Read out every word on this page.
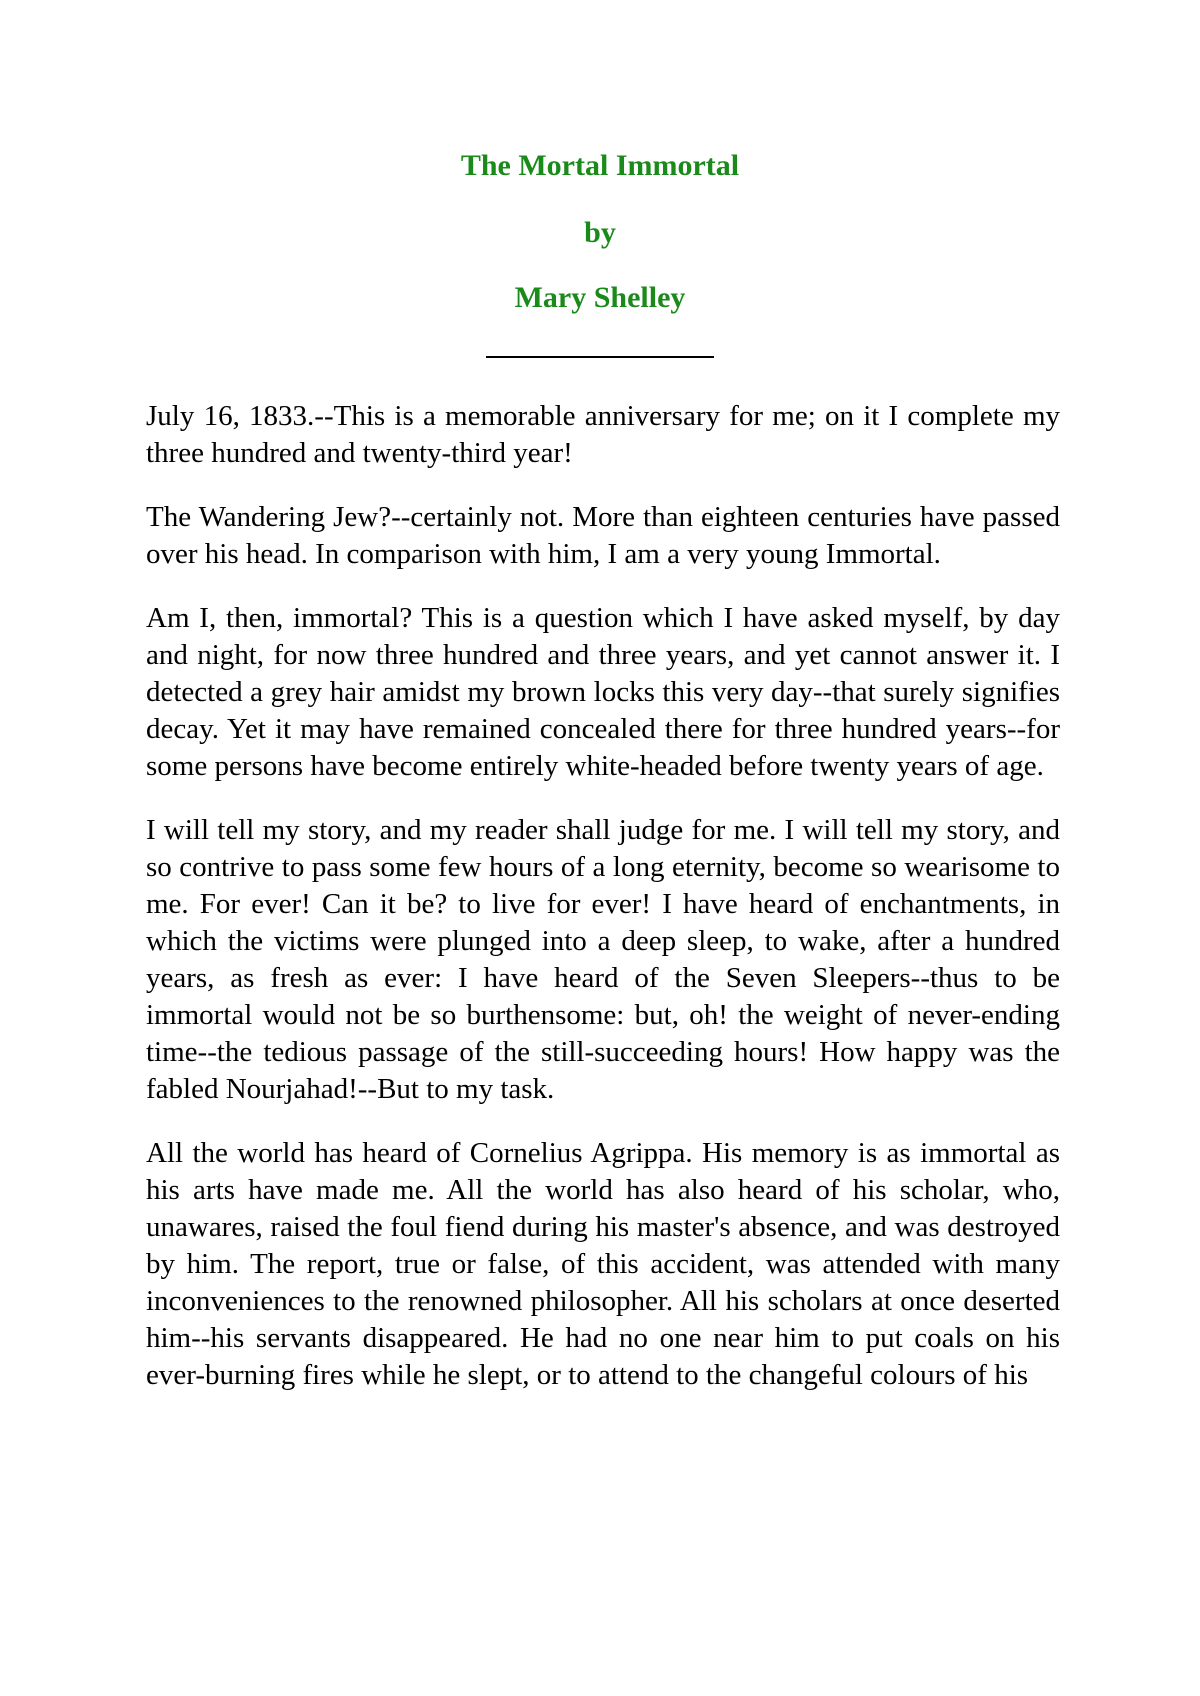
The Mortal Immortal
by
Mary Shelley

July 16, 1833.--This is a memorable anniversary for me; on it I complete my three hundred and twenty-third year!

The Wandering Jew?--certainly not. More than eighteen centuries have passed over his head. In comparison with him, I am a very young Immortal.

Am I, then, immortal? This is a question which I have asked myself, by day and night, for now three hundred and three years, and yet cannot answer it. I detected a grey hair amidst my brown locks this very day--that surely signifies decay. Yet it may have remained concealed there for three hundred years--for some persons have become entirely white-headed before twenty years of age.

I will tell my story, and my reader shall judge for me. I will tell my story, and so contrive to pass some few hours of a long eternity, become so wearisome to me. For ever! Can it be? to live for ever! I have heard of enchantments, in which the victims were plunged into a deep sleep, to wake, after a hundred years, as fresh as ever: I have heard of the Seven Sleepers--thus to be immortal would not be so burthensome: but, oh! the weight of never-ending time--the tedious passage of the still-succeeding hours! How happy was the fabled Nourjahad!--But to my task.

All the world has heard of Cornelius Agrippa. His memory is as immortal as his arts have made me. All the world has also heard of his scholar, who, unawares, raised the foul fiend during his master's absence, and was destroyed by him. The report, true or false, of this accident, was attended with many inconveniences to the renowned philosopher. All his scholars at once deserted him--his servants disappeared. He had no one near him to put coals on his ever-burning fires while he slept, or to attend to the changeful colours of his
